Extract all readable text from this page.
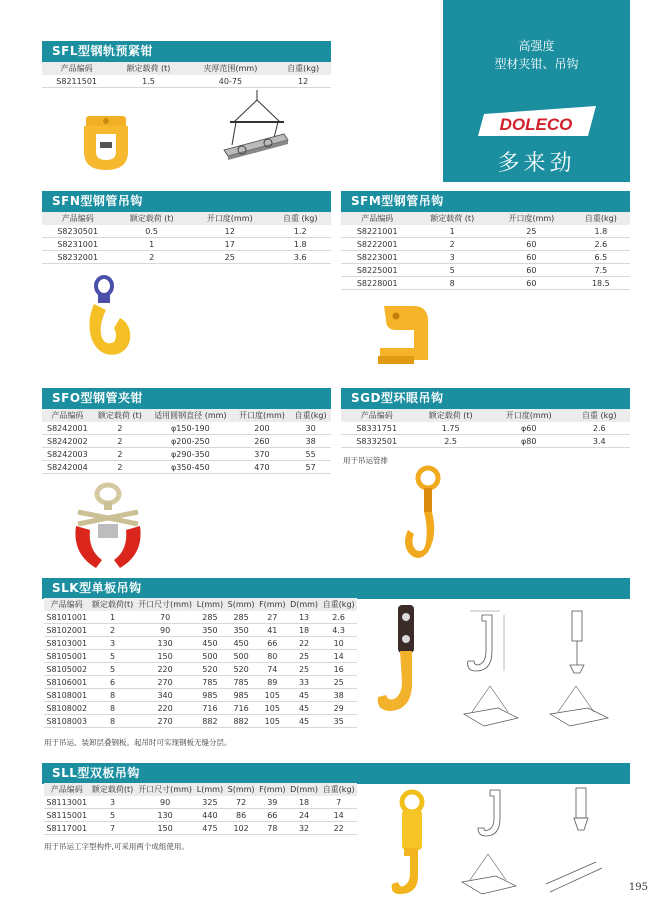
高强度
型材夹钳、吊钩
DOLECO
多来劲
SFL型钢轨预紧钳
产品编码	额定载荷 (t)	夹厚范围(mm)	自重(kg)
S8211501	1.5	40-75	12
SFN型钢管吊钩
产品编码	额定载荷 (t)	开口度(mm)	自重 (kg)
S8230501	0.5	12	1.2
S8231001	1	17	1.8
S8232001	2	25	3.6
SFM型钢管吊钩
产品编码	额定载荷 (t)	开口度(mm)	自重(kg)
S8221001	1	25	1.8
S8222001	2	60	2.6
S8223001	3	60	6.5
S8225001	5	60	7.5
S8228001	8	60	18.5
SFO型钢管夹钳
产品编码	额定载荷 (t)	适用圆钢直径 (mm)	开口度(mm)	自重(kg)
S8242001	2	φ150-190	200	30
S8242002	2	φ200-250	260	38
S8242003	2	φ290-350	370	55
S8242004	2	φ350-450	470	57
SGD型环眼吊钩
产品编码	额定载荷 (t)	开口度(mm)	自重 (kg)
S8331751	1.75	φ60	2.6
S8332501	2.5	φ80	3.4
用于吊运管排
SLK型单板吊钩
产品编码	额定载荷(t)	开口尺寸(mm)	L(mm)	S(mm)	F(mm)	D(mm)	自重(kg)
S8101001	1	70	285	285	27	13	2.6
S8102001	2	90	350	350	41	18	4.3
S8103001	3	130	450	450	66	22	10
S8105001	5	150	500	500	80	25	14
S8105002	5	220	520	520	74	25	16
S8106001	6	270	785	785	89	33	25
S8108001	8	340	985	985	105	45	38
S8108002	8	220	716	716	105	45	29
S8108003	8	270	882	882	105	45	35
用于吊运、装卸层叠钢板。起吊时可实现钢板无缝分层。
SLL型双板吊钩
产品编码	额定载荷(t)	开口尺寸(mm)	L(mm)	S(mm)	F(mm)	D(mm)	自重(kg)
S8113001	3	90	325	72	39	18	7
S8115001	5	130	440	86	66	24	14
S8117001	7	150	475	102	78	32	22
用于吊运工字型构件,可采用两个成组使用。
195
